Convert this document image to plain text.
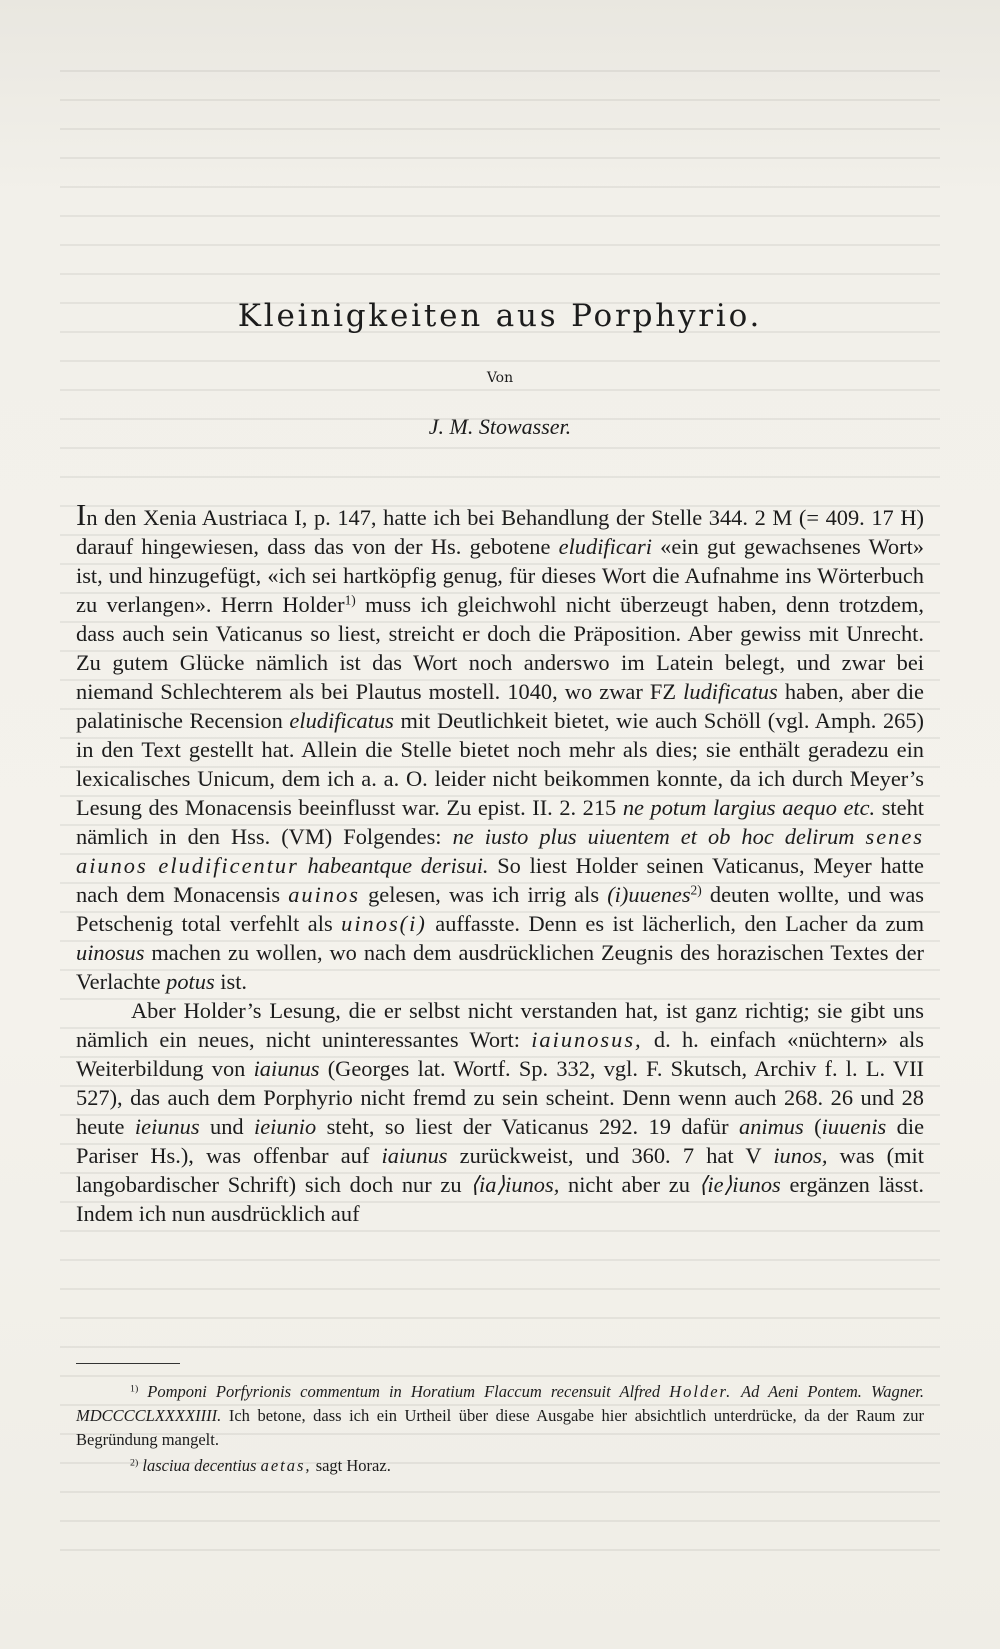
Kleinigkeiten aus Porphyrio.
Von
J. M. Stowasser.

In den Xenia Austriaca I, p. 147, hatte ich bei Behandlung der Stelle 344. 2 M (= 409. 17 H) darauf hingewiesen, dass das von der Hs. gebotene eludificari «ein gut gewachsenes Wort» ist, und hinzugefügt, «ich sei hartköpfig genug, für dieses Wort die Aufnahme ins Wörterbuch zu verlangen». Herrn Holder$^{1)}$ muss ich gleichwohl nicht überzeugt haben, denn trotzdem, dass auch sein Vaticanus so liest, streicht er doch die Präposition. Aber gewiss mit Unrecht. Zu gutem Glücke nämlich ist das Wort noch anderswo im Latein belegt, und zwar bei niemand Schlechterem als bei Plautus mostell. 1040, wo zwar FZ ludificatus haben, aber die palatinische Recension eludificatus mit Deutlichkeit bietet, wie auch Schöll (vgl. Amph. 265) in den Text gestellt hat. Allein die Stelle bietet noch mehr als dies; sie enthält geradezu ein lexicalisches Unicum, dem ich a. a. O. leider nicht beikommen konnte, da ich durch Meyer’s Lesung des Monacensis beeinflusst war. Zu epist. II. 2. 215 ne potum largius aequo etc. steht nämlich in den Hss. (VM) Folgendes: ne iusto plus uiuentem et ob hoc delirum senes aiunos eludificentur habeantque derisui. So liest Holder seinen Vaticanus, Meyer hatte nach dem Monacensis auinos gelesen, was ich irrig als (i)uuenes$^{2)}$ deuten wollte, und was Petschenig total verfehlt als uinos(i) auffasste. Denn es ist lächerlich, den Lacher da zum uinosus machen zu wollen, wo nach dem ausdrücklichen Zeugnis des horazischen Textes der Verlachte potus ist.

Aber Holder’s Lesung, die er selbst nicht verstanden hat, ist ganz richtig; sie gibt uns nämlich ein neues, nicht uninteressantes Wort: iaiunosus, d. h. einfach «nüchtern» als Weiterbildung von iaiunus (Georges lat. Wortf. Sp. 332, vgl. F. Skutsch, Archiv f. l. L. VII 527), das auch dem Porphyrio nicht fremd zu sein scheint. Denn wenn auch 268. 26 und 28 heute ieiunus und ieiunio steht, so liest der Vaticanus 292. 19 dafür animus (iuuenis die Pariser Hs.), was offenbar auf iaiunus zurückweist, und 360. 7 hat V iunos, was (mit langobardischer Schrift) sich doch nur zu ⟨ia⟩iunos, nicht aber zu ⟨ie⟩iunos ergänzen lässt. Indem ich nun ausdrücklich auf

$^{1)}$ Pomponi Porfyrionis commentum in Horatium Flaccum recensuit Alfred Holder. Ad Aeni Pontem. Wagner. MDCCCCLXXXXIIII. Ich betone, dass ich ein Urtheil über diese Ausgabe hier absichtlich unterdrücke, da der Raum zur Begründung mangelt.

$^{2)}$ lasciua decentius aetas, sagt Horaz.
